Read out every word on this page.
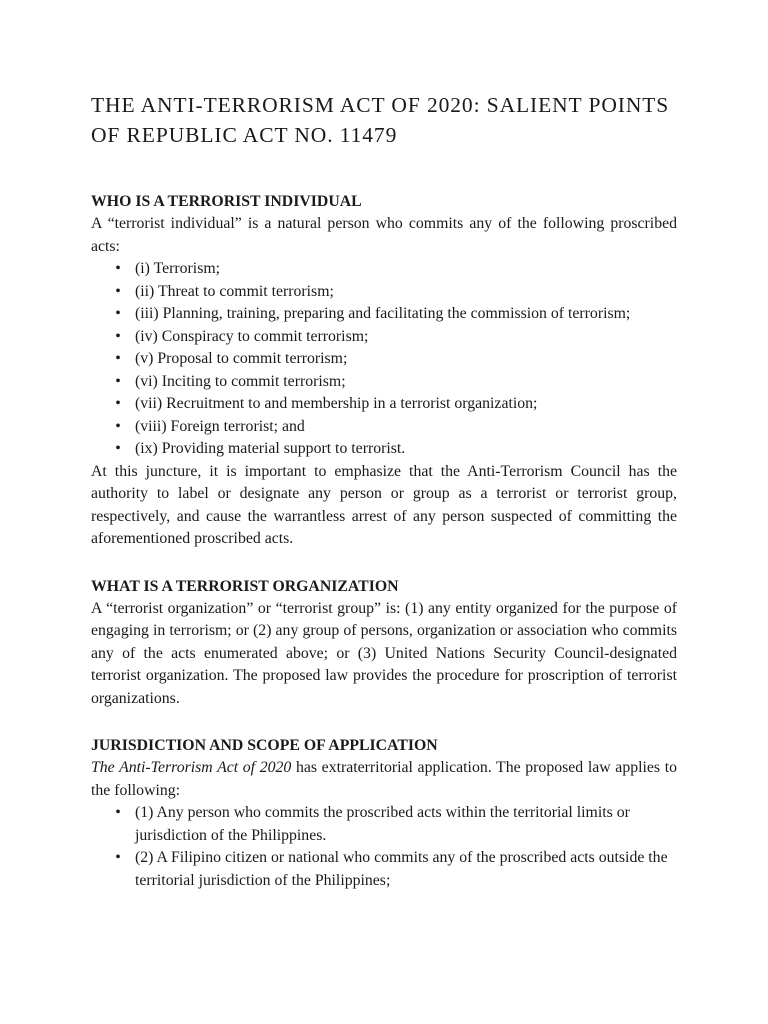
THE ANTI-TERRORISM ACT OF 2020: SALIENT POINTS OF REPUBLIC ACT NO. 11479
WHO IS A TERRORIST INDIVIDUAL

A “terrorist individual” is a natural person who commits any of the following proscribed acts:

• (i) Terrorism;
• (ii) Threat to commit terrorism;
• (iii) Planning, training, preparing and facilitating the commission of terrorism;
• (iv) Conspiracy to commit terrorism;
• (v) Proposal to commit terrorism;
• (vi) Inciting to commit terrorism;
• (vii) Recruitment to and membership in a terrorist organization;
• (viii) Foreign terrorist; and
• (ix) Providing material support to terrorist.

At this juncture, it is important to emphasize that the Anti-Terrorism Council has the authority to label or designate any person or group as a terrorist or terrorist group, respectively, and cause the warrantless arrest of any person suspected of committing the aforementioned proscribed acts.

WHAT IS A TERRORIST ORGANIZATION

A “terrorist organization” or “terrorist group” is: (1) any entity organized for the purpose of engaging in terrorism; or (2) any group of persons, organization or association who commits any of the acts enumerated above; or (3) United Nations Security Council-designated terrorist organization. The proposed law provides the procedure for proscription of terrorist organizations.

JURISDICTION AND SCOPE OF APPLICATION

The Anti-Terrorism Act of 2020 has extraterritorial application. The proposed law applies to the following:

• (1) Any person who commits the proscribed acts within the territorial limits or jurisdiction of the Philippines.
• (2) A Filipino citizen or national who commits any of the proscribed acts outside the territorial jurisdiction of the Philippines;
